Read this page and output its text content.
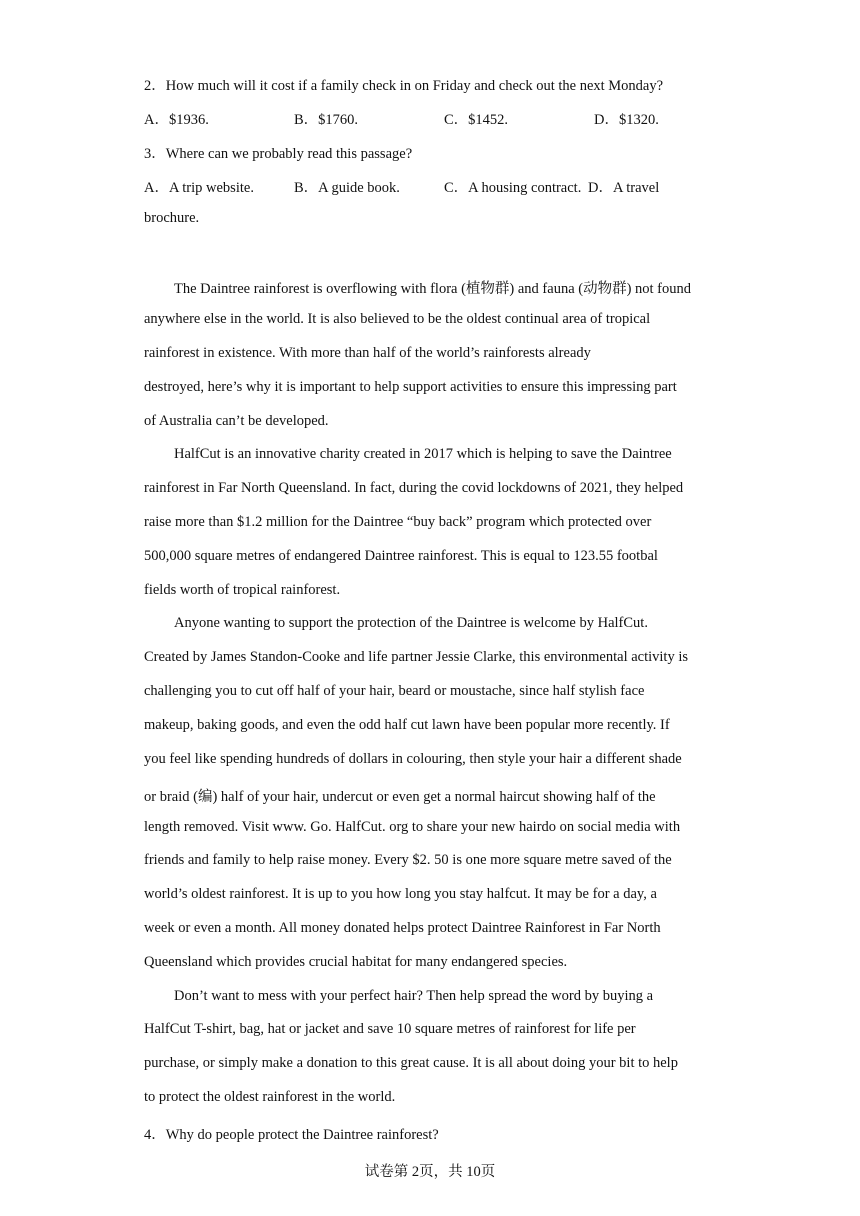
2．How much will it cost if a family check in on Friday and check out the next Monday?
A．$1936.	B．$1760.	C．$1452.	D．$1320.
3．Where can we probably read this passage?
A．A trip website.	B．A guide book.	C．A housing contract. D．A travel
brochure.
The Daintree rainforest is overflowing with flora (植物群) and fauna (动物群) not found
anywhere else in the world. It is also believed to be the oldest continual area of tropical
rainforest in existence. With more than half of the world’s rainforests already
destroyed, here’s why it is important to help support activities to ensure this impressing part
of Australia can’t be developed.
HalfCut is an innovative charity created in 2017 which is helping to save the Daintree
rainforest in Far North Queensland. In fact, during the covid lockdowns of 2021, they helped
raise more than $1.2 million for the Daintree “buy back” program which protected over
500,000 square metres of endangered Daintree rainforest. This is equal to 123.55 footbal
fields worth of tropical rainforest.
Anyone wanting to support the protection of the Daintree is welcome by HalfCut.
Created by James Standon-Cooke and life partner Jessie Clarke, this environmental activity is
challenging you to cut off half of your hair, beard or moustache, since half stylish face
makeup, baking goods, and even the odd half cut lawn have been popular more recently. If
you feel like spending hundreds of dollars in colouring, then style your hair a different shade
or braid (编) half of your hair, undercut or even get a normal haircut showing half of the
length removed. Visit www. Go. HalfCut. org to share your new hairdo on social media with
friends and family to help raise money. Every $2. 50 is one more square metre saved of the
world’s oldest rainforest. It is up to you how long you stay halfcut. It may be for a day, a
week or even a month. All money donated helps protect Daintree Rainforest in Far North
Queensland which provides crucial habitat for many endangered species.
Don’t want to mess with your perfect hair? Then help spread the word by buying a
HalfCut T-shirt, bag, hat or jacket and save 10 square metres of rainforest for life per
purchase, or simply make a donation to this great cause. It is all about doing your bit to help
to protect the oldest rainforest in the world.
4．Why do people protect the Daintree rainforest?
试卷第 2页，共 10页
